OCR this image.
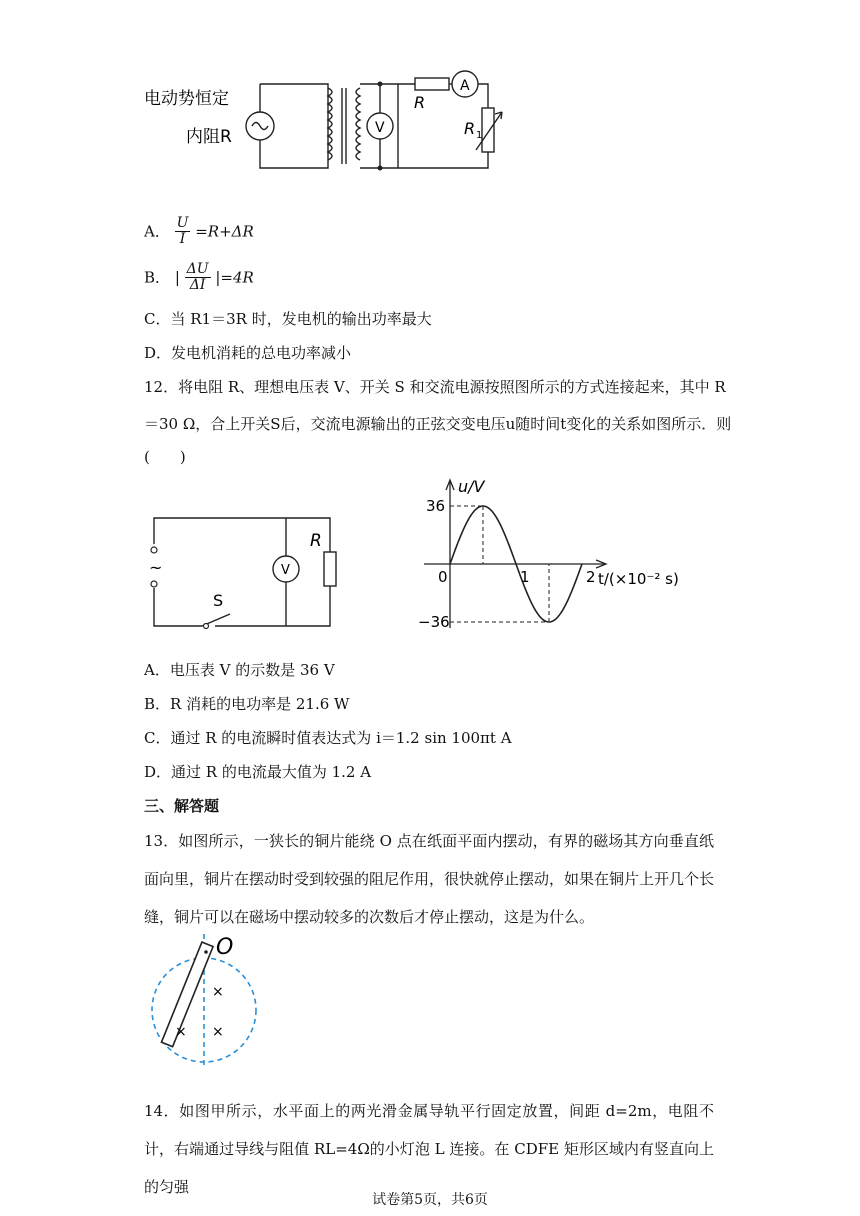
电动势恒定
内阻R
R
A
V	R 1
A． $\frac{U}{I} =R+\Delta R$
B． | $\frac{\Delta U}{\Delta I} |=4R$
C．当 R1＝3R 时，发电机的输出功率最大
D．发电机消耗的总电功率减小
12．将电阻 R、理想电压表 V、开关 S 和交流电源按照图所示的方式连接起来，其中 R
＝30 Ω，合上开关S后，交流电源输出的正弦交变电压u随时间t变化的关系如图所示．则
(　　)
~	V
R
S
u/V
t/(×10⁻² s)
0	1	2
36
−36
A．电压表 V 的示数是 36 V
B．R 消耗的电功率是 21.6 W
C．通过 R 的电流瞬时值表达式为 i＝1.2 sin 100πt A
D．通过 R 的电流最大值为 1.2 A
三、解答题
13．如图所示，一狭长的铜片能绕 O 点在纸面平面内摆动，有界的磁场其方向垂直纸面向里，铜片在摆动时受到较强的阻尼作用，很快就停止摆动，如果在铜片上开几个长缝，铜片可以在磁场中摆动较多的次数后才停止摆动，这是为什么。
O
×
× ×
14．如图甲所示，水平面上的两光滑金属导轨平行固定放置，间距 d=2m，电阻不计，右端通过导线与阻值 RL=4Ω的小灯泡 L 连接。在 CDFE 矩形区域内有竖直向上的匀强
试卷第5页，共6页
